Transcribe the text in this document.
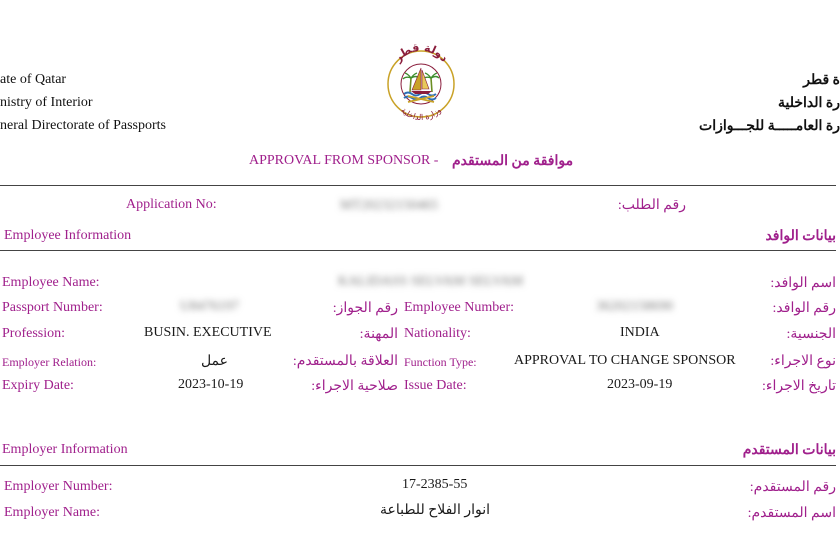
ate of Qatar
nistry of Interior
neral Directorate of Passports
ة قطر
رة الداخلية
رة العامـــــة للجـــوازات
دولة قطر
وزارة الداخلية
APPROVAL FROM SPONSOR - موافقة من المستقدم
Application No:	MT20232150465	رقم الطلب:
Employee Information	بيانات الوافد
Employee Name:	KALIDASS SELVAM SELVAM	اسم الوافد:
Passport Number:	U8476197	رقم الجواز: Employee Number:	36202158690	رقم الوافد:
Profession:	BUSIN. EXECUTIVE	المهنة: Nationality:	INDIA	الجنسية:
Employer Relation:	عمل	العلاقة بالمستقدم: Function Type:	APPROVAL TO CHANGE SPONSOR نوع الاجراء:
Expiry Date:	2023-10-19	صلاحية الاجراء: Issue Date:	2023-09-19	تاريخ الاجراء:
Employer Information	بيانات المستقدم
Employer Number:	17-2385-55	رقم المستقدم:
Employer Name:	انوار الفلاح للطباعة	اسم المستقدم:
